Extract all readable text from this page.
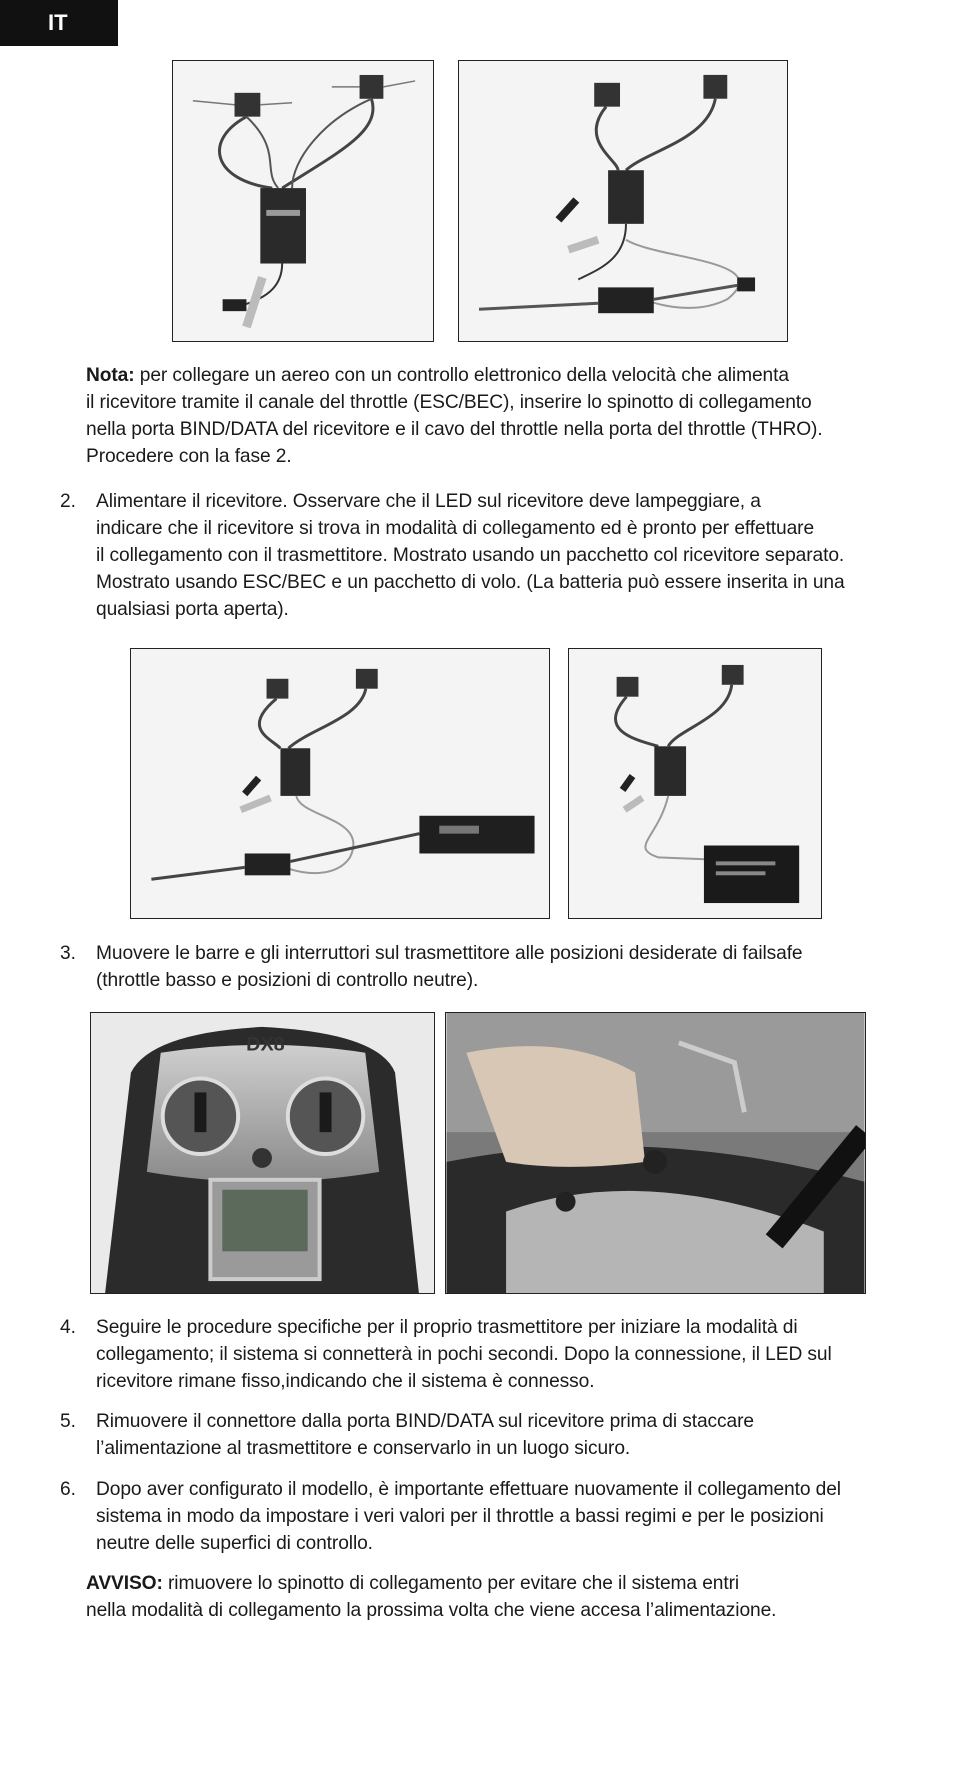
IT
Nota: per collegare un aereo con un controllo elettronico della velocità che alimenta
il ricevitore tramite il canale del throttle (ESC/BEC), inserire lo spinotto di collegamento
nella porta BIND/DATA del ricevitore e il cavo del throttle nella porta del throttle (THRO).
Procedere con la fase 2.
2.	Alimentare il ricevitore. Osservare che il LED sul ricevitore deve lampeggiare, a
indicare che il ricevitore si trova in modalità di collegamento ed è pronto per effettuare
il collegamento con il trasmettitore. Mostrato usando un pacchetto col ricevitore separato.
Mostrato usando ESC/BEC e un pacchetto di volo. (La batteria può essere inserita in una
qualsiasi porta aperta).
3.	Muovere le barre e gli interruttori sul trasmettitore alle posizioni desiderate di failsafe
(throttle basso e posizioni di controllo neutre).
DX8
4.	Seguire le procedure specifiche per il proprio trasmettitore per iniziare la modalità di
collegamento; il sistema si connetterà in pochi secondi. Dopo la connessione, il LED sul
ricevitore rimane fisso,indicando che il sistema è connesso.
5.	Rimuovere il connettore dalla porta BIND/DATA sul ricevitore prima di staccare
l’alimentazione al trasmettitore e conservarlo in un luogo sicuro.
6.	Dopo aver configurato il modello, è importante effettuare nuovamente il collegamento del
sistema in modo da impostare i veri valori per il throttle a bassi regimi e per le posizioni
neutre delle superfici di controllo.
AVVISO: rimuovere lo spinotto di collegamento per evitare che il sistema entri
nella modalità di collegamento la prossima volta che viene accesa l’alimentazione.
